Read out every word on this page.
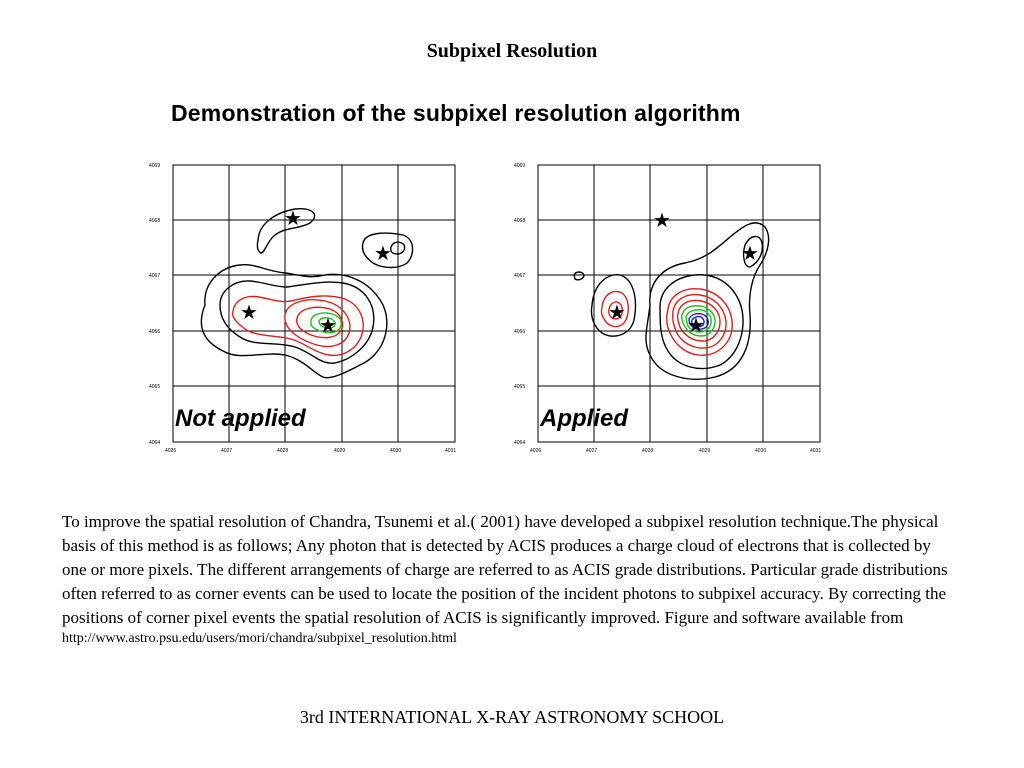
Subpixel Resolution
Demonstration of the subpixel resolution algorithm
4069
4068
4067
4066
4065
4064
4026	4027	4028	4029	4030	4031
★
★
★
★
Not applied
4069
4068
4067
4066
4065
4064
4026	4027	4028	4029	4030	4031
★
★
★
★
Applied
To improve the spatial resolution of Chandra, Tsunemi et al.( 2001) have developed a subpixel resolution technique.The physical basis of this method is as follows; Any photon that is detected by ACIS produces a charge cloud of electrons that is collected by one or more pixels. The different arrangements of charge are referred to as ACIS grade distributions. Particular grade distributions often referred to as corner events can be used to locate the position of the incident photons to subpixel accuracy. By correcting the positions of corner pixel events the spatial resolution of ACIS is significantly improved. Figure and software available from
http://www.astro.psu.edu/users/mori/chandra/subpixel_resolution.html
3rd INTERNATIONAL X-RAY ASTRONOMY SCHOOL
